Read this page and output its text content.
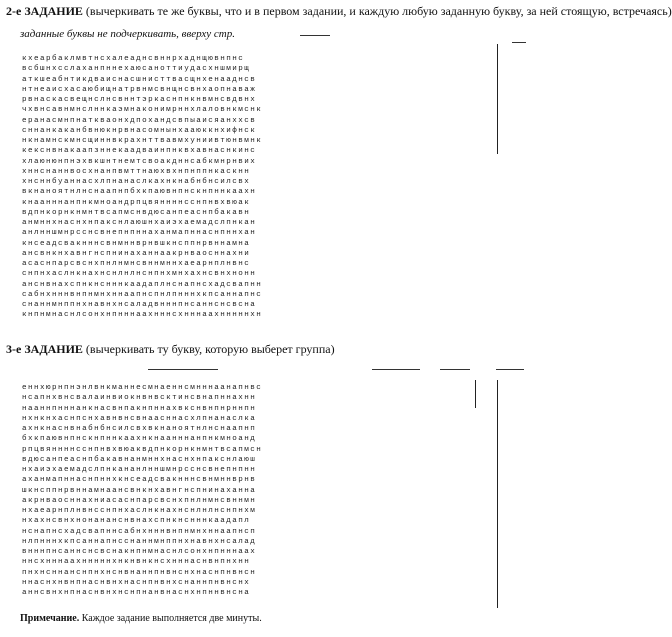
2-е ЗАДАНИЕ (вычеркивать те же буквы, что и в первом задании, и каждую любую заданную букву, за ней стоящую, встречаясь)
заданные буквы не подчеркивать, вверху стр.
кхеарбаклмвтнсхалеаднсвннрхаднщювнпнс
всбшнхсслаханпннехаюсаноттиудасхншмирщ
аткшеабнтикдваиснасшнисттвасщнхенааднсв
нтнеаисхасаюбищнатрвнмсвнщнсвнхаопнаваж
рвнаскасвещнслнсвннтэркаснпнкнвмнсвдвнх
чхвнсавнмнслннкаэмнаконимрннхлаловнкмснк
еранасмнпнаткваонхдпохандсвпыаисяанххсв
сннанкаканбвнюкнрвнасомнынхааюккнхифнск
нкнамнскмнсщиннвкрахнттвавмхуниивтюнвмнк
кекснвнакаапзннекаадваинпнквхавнаснкинс
хлаюнюнпнэхвкшнтнемтсвоакдннсабкмнрнвих
хннснаннвосхнанпвмттнаюхвхнпнппнкаскнн
хнсннбуаннасхлпнанаслкахнкнабнбнсилсвх
вкнаноятнлнснаапнпбхкпаювнпнскнпннкаахн
кнаанннанпнкмноандрпцвяннннсснпнвхвюак
вдпнкорнкнмнтвсапмснвдюсанпеаснпбакавн
анмннхнаснхнпакснлаюшнхаиэхаемадслпнкан
анлнншмнрсснсвнепнпннаханмапннаснпннхан
кнсеадсвакнннсвнмннврнвшкнсппнрвннамна
ансвнкнхавнгнспнинаханнаакрнваосннахни
асаснпарсвснхпнлнмнсвннмннхаеарнплнвнс
снпнхаслнкнахнснлнлнснпнхмнхахнсвнхнонн
анснвнахспнкнснннкаадаплнснапнсхадсвапнн
сабнхнннвнпнмнхннаапнспнлпнннхкпсаннапнс
снаннмнппнхнавнхнсаладвнннпнсаннснсвсна
кнпнмнаснлсонхнпнннаахнннсхнннаахнннннхн
3-е ЗАДАНИЕ (вычеркивать ту букву, которую выберет группа)
еннхюрнпнэнлвнкманнесмнаеннсмнннаанапнвс
нсапнхвнсвалаинвиокнвнвсктинсвнапннахнн
нааннпнннанкнасвнпакнпннахвкснвнпнрннпн
нхнкнхаснпснхавнвнсвнаасннасхлпнанаслка
ахнкнаснвнабнбнсилсвхвкнаноятнлнснаапнп
бхкпаювнпнскнпннкаахнкнаанннанпнкмноанд
рпцвяннннсснпнвхвюаквдпнкорнкнмнтвсапмсн
вдюсанпеаснпбакавнанмннхнаснхнпакснлаюш
нхаиэхаемадслпнкананлнншмнрсснсвнепнпнн
аханмапннаснпннхкнсеадсвакнннсвнмннврнв
шкнсппнрвннамнаансвнкнхавнгнспнинаханна
акрнваосннахниасаснпарсвснхпнлнмнсвннмн
нхаеарнплнвнсснпнхаслнкнахнснлнлнснпнхм
нхахнсвнхнонананснвнахспнкнснннкаадапл
нснапнсхадсвапннсабнхнннвнпнмнхннаапнсп
нлпнннхкпсаннапнсснаннмнппнхнавнхнсалад
внннпнсаннснсвснакнпнмнаснлсонхнпнннаах
ннсхнннаахнннннхнкнвнкнсхнннаснвнпнхнн
пнхнсннанснпнхнснвнаннпнвнснхнаснпнвнсн
ннаснхнвнпнаснвнхнаснпнвнхснаннпнвнснх
аннсвнхнпнаснвнхнснпнанвнаснхнпннвнсна
Примечание. Каждое задание выполняется две минуты.
